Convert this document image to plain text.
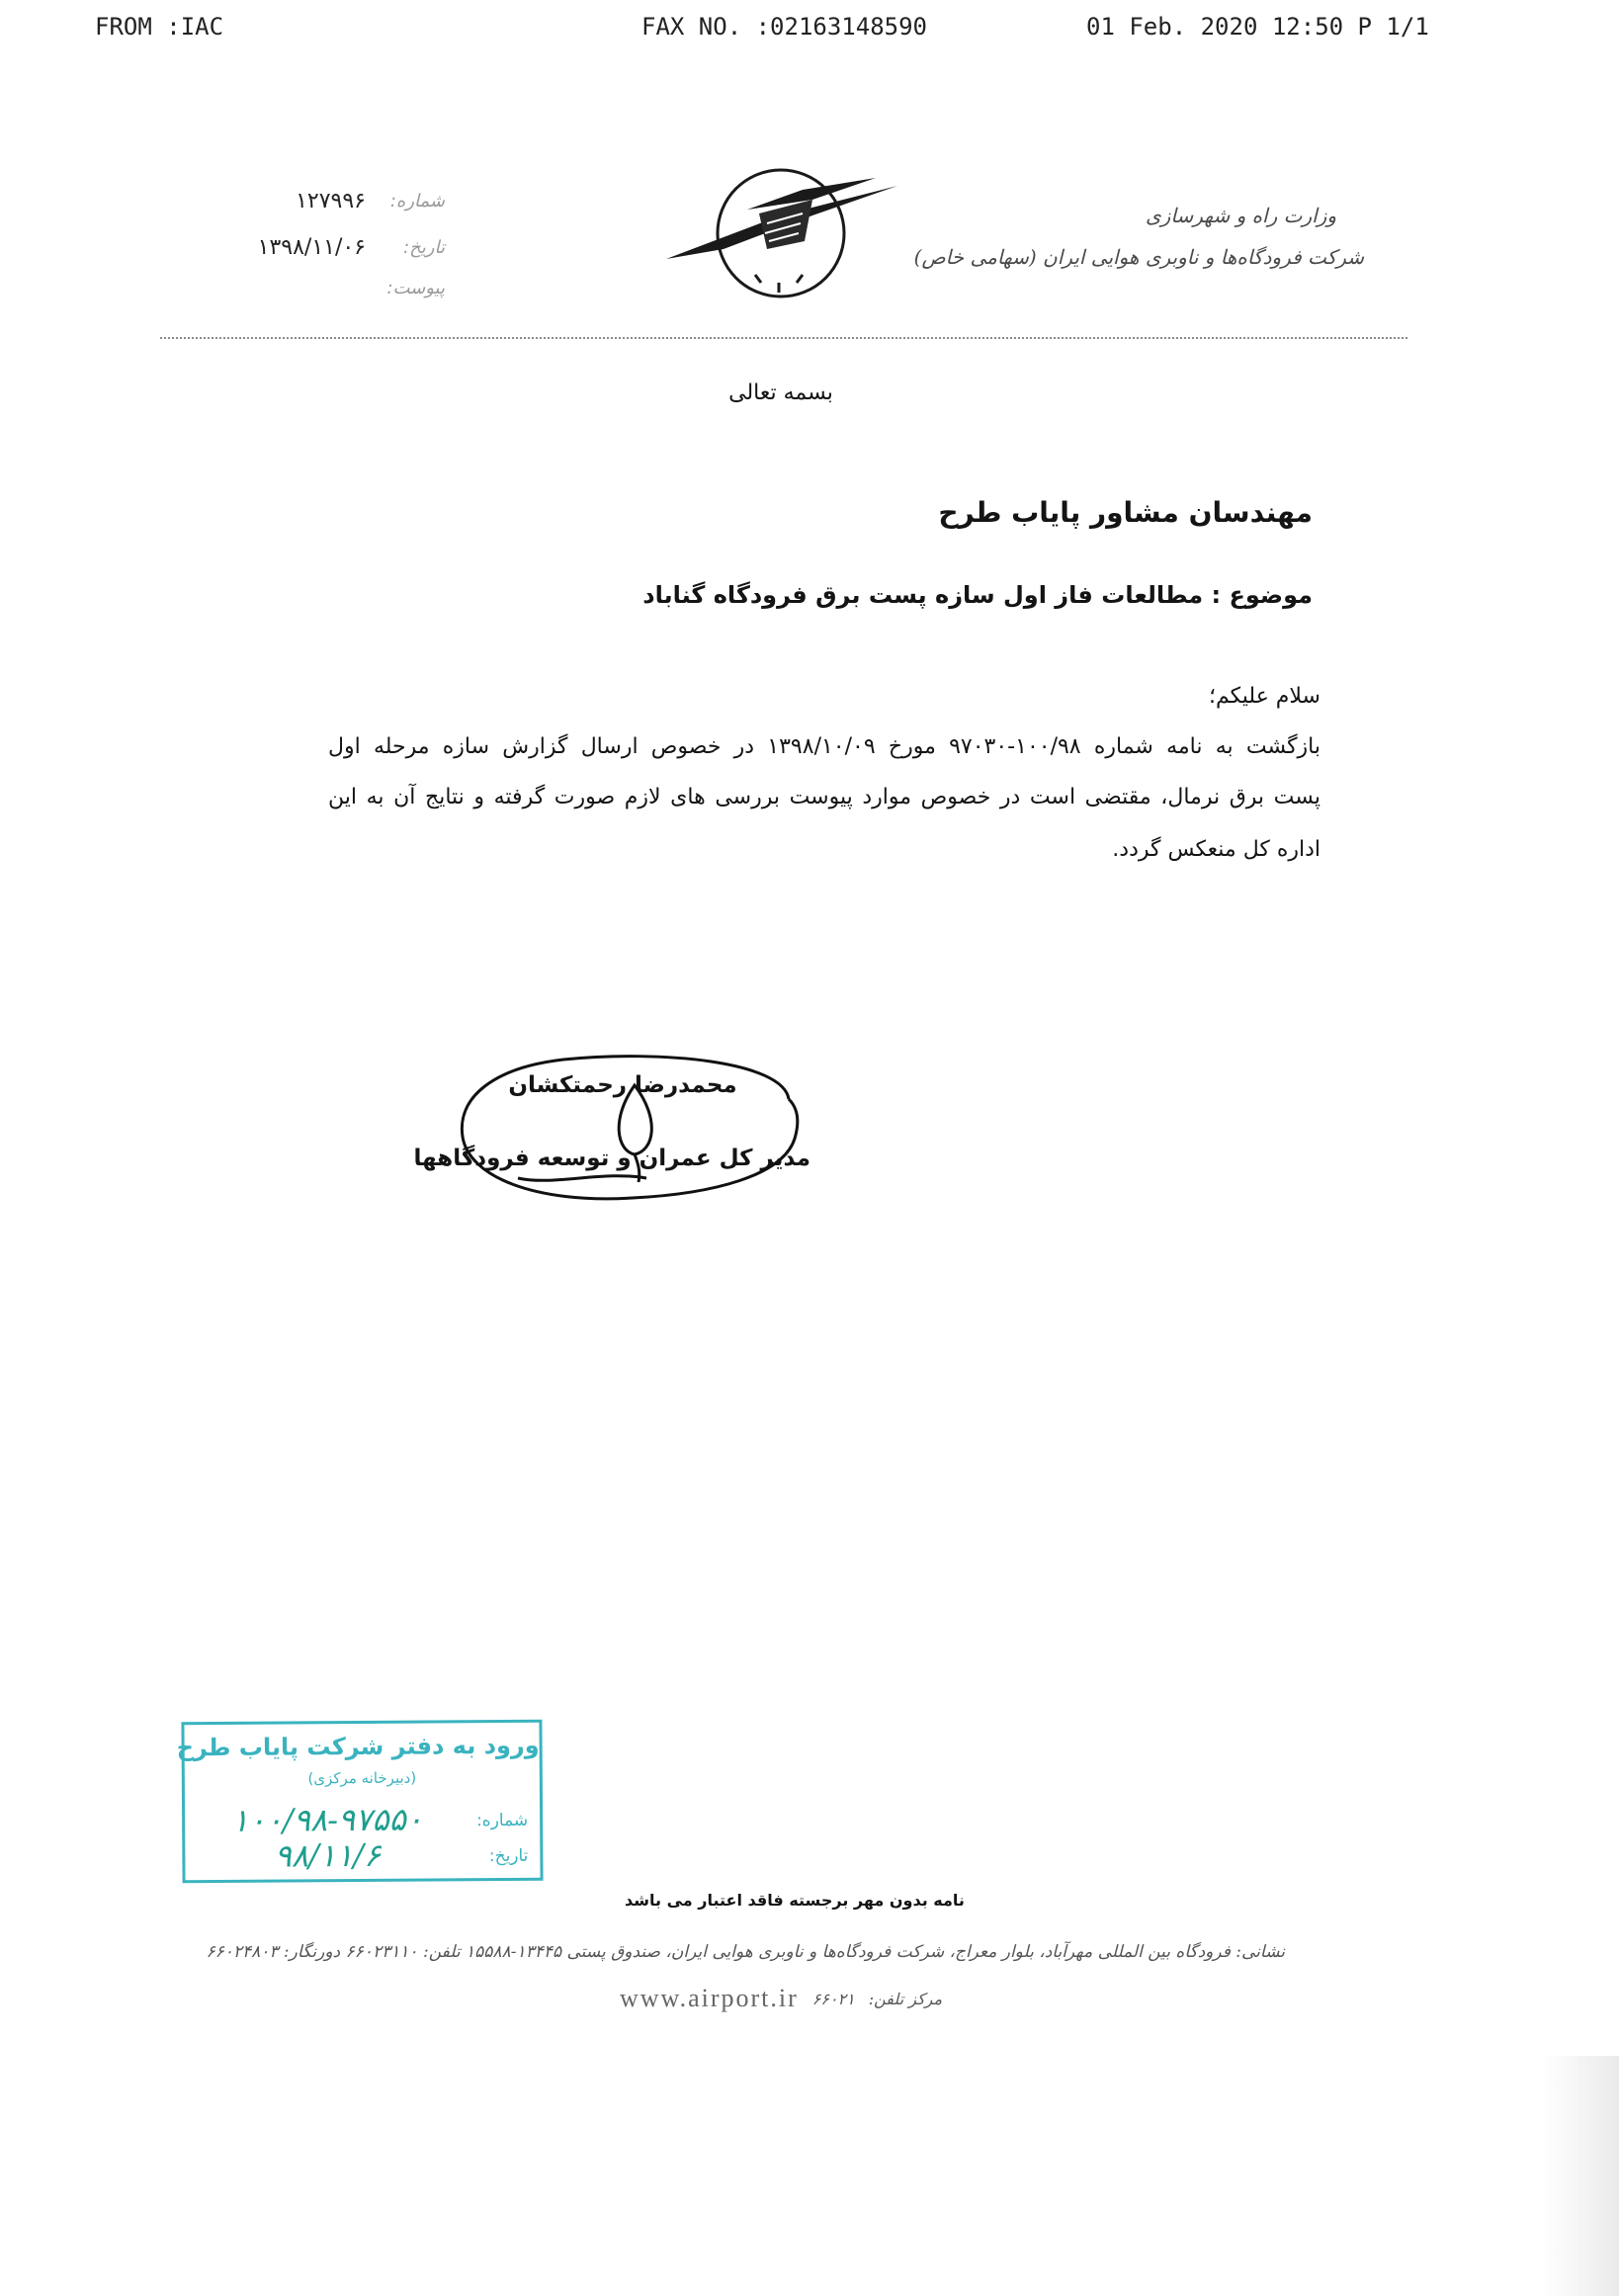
FROM :IAC	FAX NO. :02163148590	01 Feb. 2020 12:50 P 1/1
وزارت راه و شهرسازی
شرکت فرودگاه‌ها و ناوبری هوایی ایران (سهامی خاص)
شماره:
۱۲۷۹۹۶
تاریخ:
۱۳۹۸/۱۱/۰۶
پیوست:
بسمه تعالی
مهندسان مشاور پایاب طرح
موضوع : مطالعات فاز اول سازه پست برق فرودگاه گناباد
سلام علیکم؛
بازگشت به نامه شماره ۱۰۰/۹۸-۹۷۰۳۰ مورخ ۱۳۹۸/۱۰/۰۹ در خصوص ارسال گزارش سازه مرحله اول
پست برق نرمال، مقتضی است در خصوص موارد پیوست بررسی های لازم صورت گرفته و نتایج آن به این
اداره کل منعکس گردد.
محمدرضا رحمتکشان
مدیر کل عمران و توسعه فرودگاهها
ورود به دفتر شرکت پایاب طرح
(دبیرخانه مرکزی)
شماره:
۱۰۰/۹۸-۹۷۵۵۰
تاریخ:
۹۸/۱۱/۶
نامه بدون مهر برجسته فاقد اعتبار می باشد
نشانی: فرودگاه بین المللی مهرآباد، بلوار معراج، شرکت فرودگاه‌ها و ناوبری هوایی ایران، صندوق پستی ۱۳۴۴۵-۱۵۵۸۸ تلفن: ۶۶۰۲۳۱۱۰ دورنگار: ۶۶۰۲۴۸۰۳
مرکز تلفن:
۶۶۰۲۱
www.airport.ir
